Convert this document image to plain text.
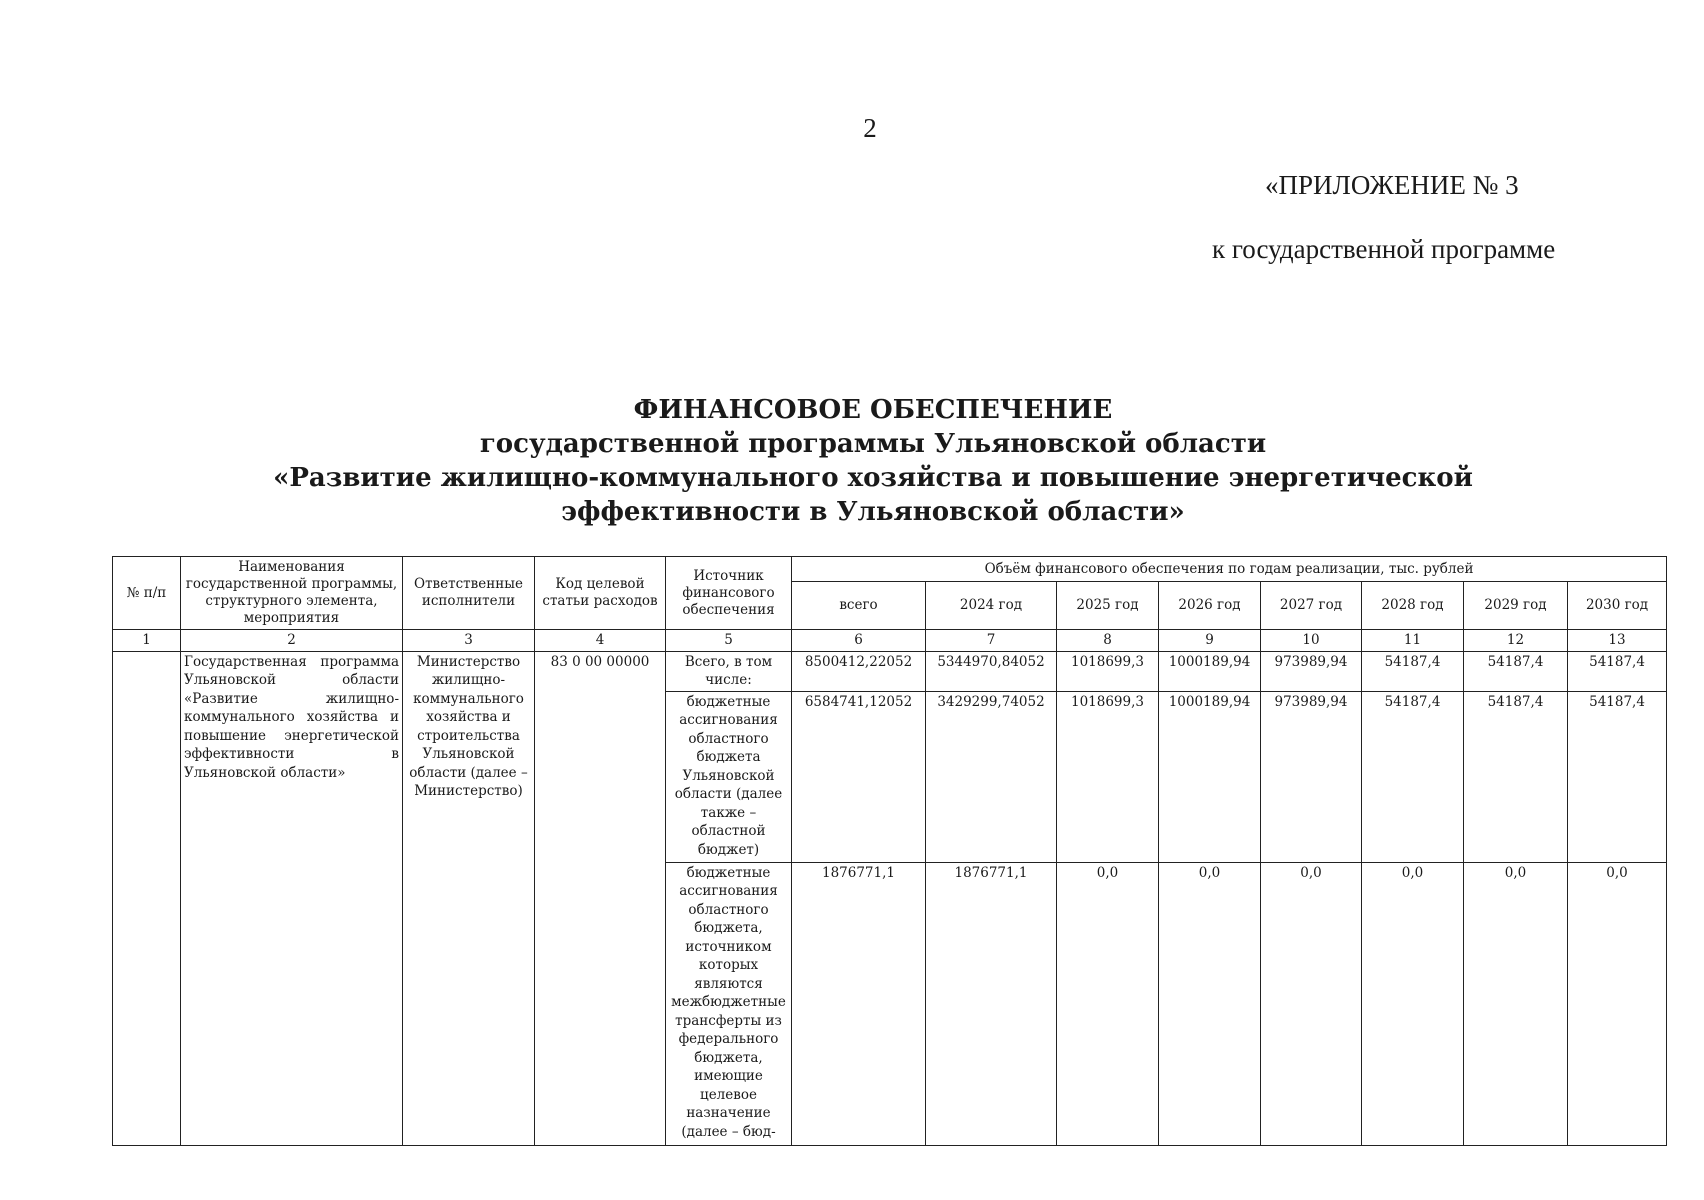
2
«ПРИЛОЖЕНИЕ № 3
к государственной программе
ФИНАНСОВОЕ ОБЕСПЕЧЕНИЕ
государственной программы Ульяновской области
«Развитие жилищно-коммунального хозяйства и повышение энергетической
эффективности в Ульяновской области»
№ п/п	Наименования государственной программы, структурного элемента, мероприятия	Ответственные исполнители	Код целевой статьи расходов	Источник финансового обеспечения	Объём финансового обеспечения по годам реализации, тыс. рублей							
					всего	2024 год	2025 год	2026 год	2027 год	2028 год	2029 год	2030 год
1	2	3	4	5	6	7	8	9	10	11	12	13
	Государственная программа Ульяновской области «Развитие жилищно-коммунального хозяйства и повышение энергетической эффективности в Ульяновской области»	Министерство жилищно-коммунального хозяйства и строительства Ульяновской области (далее – Министерство)	83 0 00 00000	Всего, в том числе:	8500412,22052	5344970,84052	1018699,3	1000189,94	973989,94	54187,4	54187,4	54187,4
				бюджетные ассигнования областного бюджета Ульяновской области (далее также – областной бюджет)	6584741,12052	3429299,74052	1018699,3	1000189,94	973989,94	54187,4	54187,4	54187,4
				бюджетные ассигнования областного бюджета, источником которых являются межбюджетные трансферты из федерального бюджета, имеющие целевое назначение (далее – бюд-	1876771,1	1876771,1	0,0	0,0	0,0	0,0	0,0	0,0
